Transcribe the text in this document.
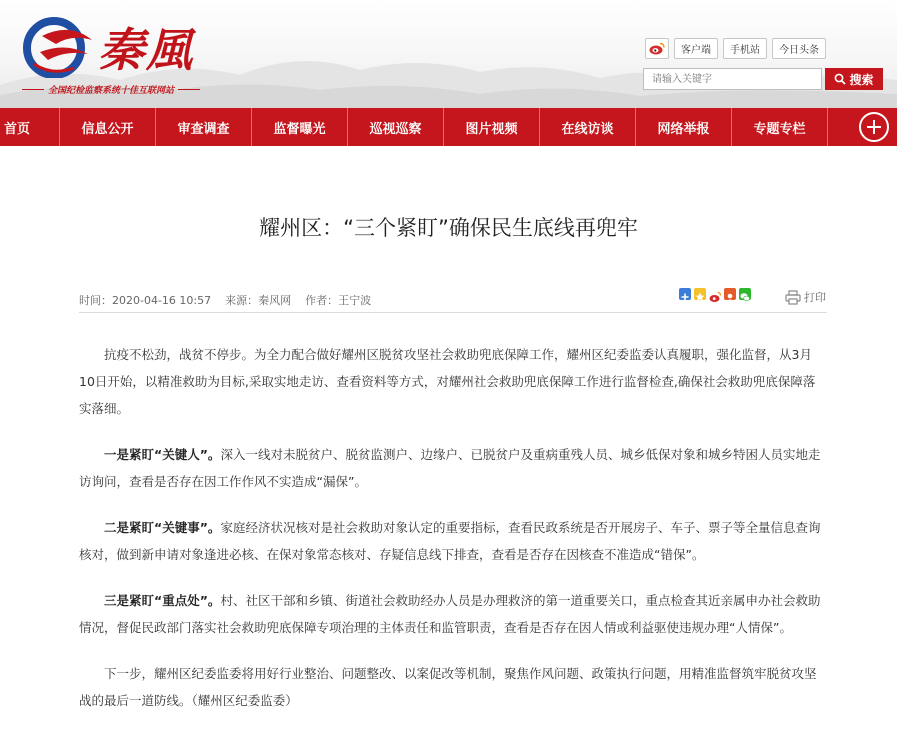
秦風
全国纪检监察系统十佳互联网站
客户端	手机站	今日头条
请输入关键字
搜索
首页	信息公开	审查调查	监督曝光	巡视巡察	图片视频	在线访谈	网络举报	专题专栏
耀州区：“三个紧盯”确保民生底线再兜牢
时间：2020-04-16 10:57 来源：秦风网 作者：王宁波	打印

抗疫不松劲，战贫不停步。为全力配合做好耀州区脱贫攻坚社会救助兜底保障工作，耀州区纪委监委认真履职，强化监督，从3月10日开始，以精准救助为目标,采取实地走访、查看资料等方式，对耀州社会救助兜底保障工作进行监督检查,确保社会救助兜底保障落实落细。

一是紧盯“关键人”。深入一线对未脱贫户、脱贫监测户、边缘户、已脱贫户及重病重残人员、城乡低保对象和城乡特困人员实地走访询问，查看是否存在因工作作风不实造成“漏保”。

二是紧盯“关键事”。家庭经济状况核对是社会救助对象认定的重要指标，查看民政系统是否开展房子、车子、票子等全量信息查询核对，做到新申请对象逢进必核、在保对象常态核对、存疑信息线下排查，查看是否存在因核查不准造成“错保”。

三是紧盯“重点处”。村、社区干部和乡镇、街道社会救助经办人员是办理救济的第一道重要关口，重点检查其近亲属申办社会救助情况，督促民政部门落实社会救助兜底保障专项治理的主体责任和监管职责，查看是否存在因人情或利益驱使违规办理“人情保”。

下一步，耀州区纪委监委将用好行业整治、问题整改、以案促改等机制，聚焦作风问题、政策执行问题，用精准监督筑牢脱贫攻坚战的最后一道防线。（耀州区纪委监委）
